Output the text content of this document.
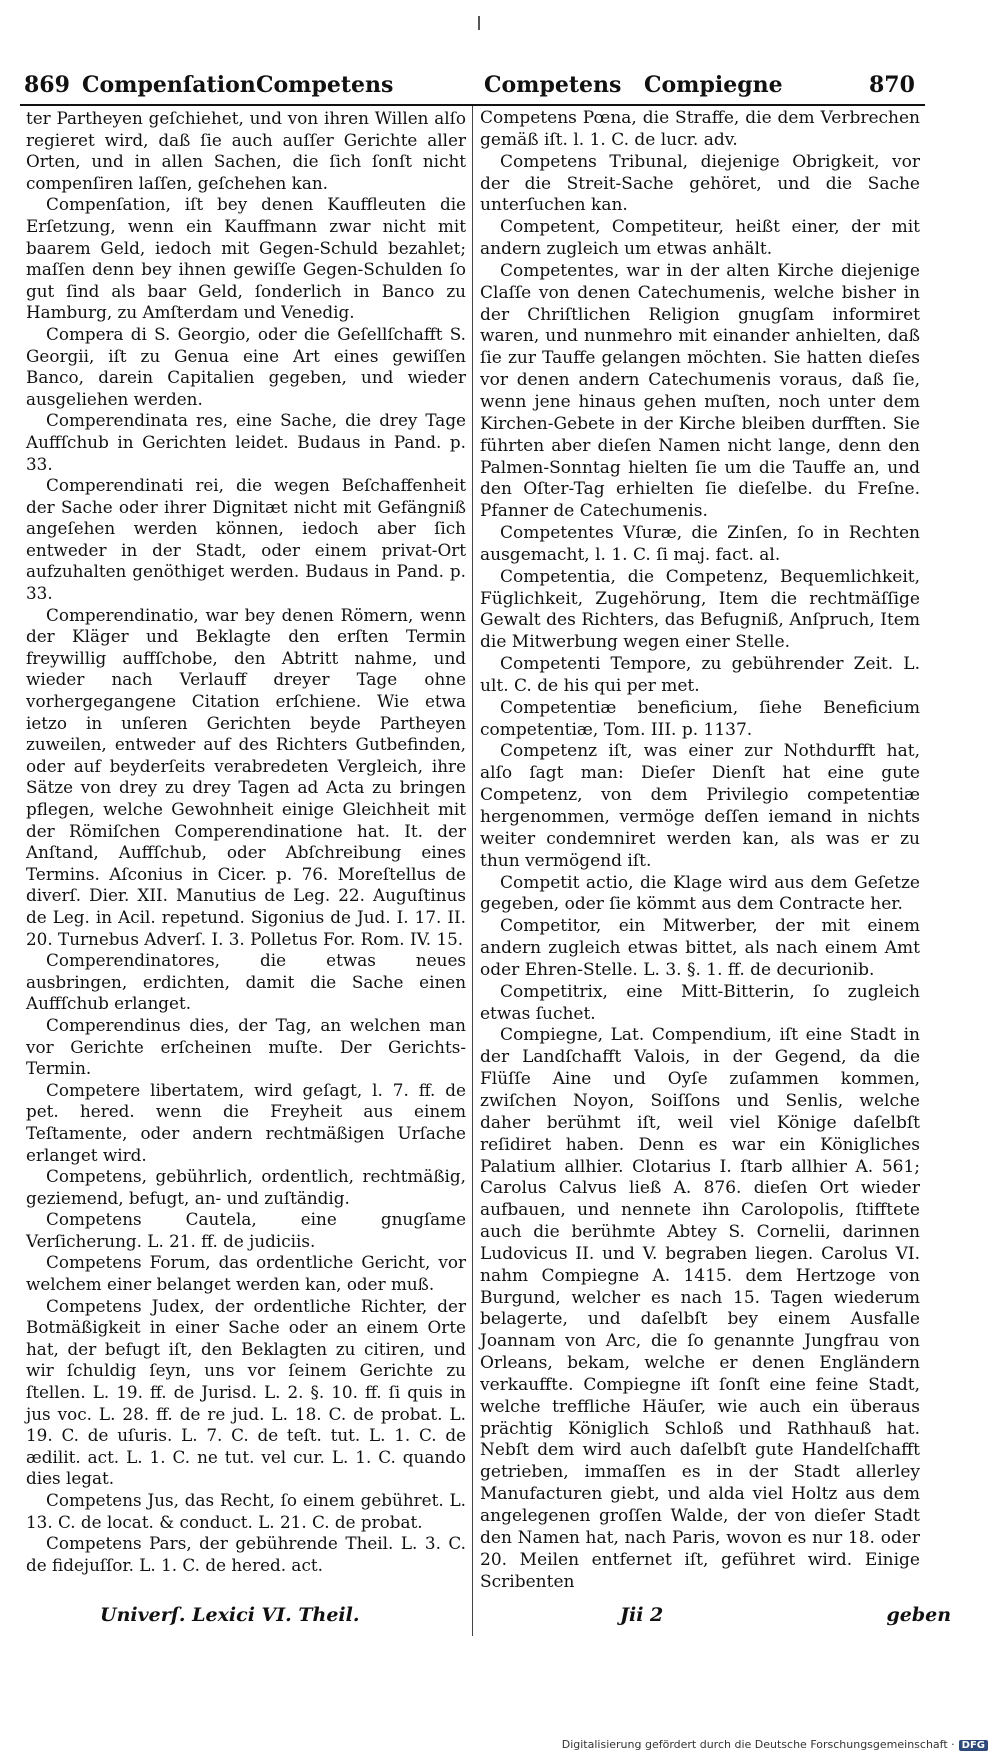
869 Compenſation Competens	Competens Compiegne	870

ter Partheyen geſchiehet, und von ihren Willen alſo regieret wird, daß ſie auch auſſer Gerichte aller Orten, und in allen Sachen, die ſich ſonſt nicht compenſiren laſſen, geſchehen kan.

Compenſation, iſt bey denen Kauffleuten die Erſetzung, wenn ein Kauffmann zwar nicht mit baarem Geld, iedoch mit Gegen-Schuld bezahlet; maſſen denn bey ihnen gewiſſe Gegen-Schulden ſo gut ſind als baar Geld, ſonderlich in Banco zu Hamburg, zu Amſterdam und Venedig.

Compera di S. Georgio, oder die Geſellſchafft S. Georgii, iſt zu Genua eine Art eines gewiſſen Banco, darein Capitalien gegeben, und wieder ausgeliehen werden.

Comperendinata res, eine Sache, die drey Tage Auffſchub in Gerichten leidet. Budaus in Pand. p. 33.

Comperendinati rei, die wegen Beſchaffenheit der Sache oder ihrer Dignitæt nicht mit Gefängniß angeſehen werden können, iedoch aber ſich entweder in der Stadt, oder einem privat-Ort aufzuhalten genöthiget werden. Budaus in Pand. p. 33.

Comperendinatio, war bey denen Römern, wenn der Kläger und Beklagte den erſten Termin freywillig auffſchobe, den Abtritt nahme, und wieder nach Verlauff dreyer Tage ohne vorhergegangene Citation erſchiene. Wie etwa ietzo in unſeren Gerichten beyde Partheyen zuweilen, entweder auf des Richters Gutbefinden, oder auf beyderſeits verabredeten Vergleich, ihre Sätze von drey zu drey Tagen ad Acta zu bringen pflegen, welche Gewohnheit einige Gleichheit mit der Römiſchen Comperendinatione hat. It. der Anſtand, Auffſchub, oder Abſchreibung eines Termins. Aſconius in Cicer. p. 76. Moreſtellus de diverſ. Dier. XII. Manutius de Leg. 22. Auguſtinus de Leg. in Acil. repetund. Sigonius de Jud. I. 17. II. 20. Turnebus Adverſ. I. 3. Polletus For. Rom. IV. 15.

Comperendinatores, die etwas neues ausbringen, erdichten, damit die Sache einen Auffſchub erlanget.

Comperendinus dies, der Tag, an welchen man vor Gerichte erſcheinen muſte. Der Gerichts-Termin.

Competere libertatem, wird geſagt, l. 7. ff. de pet. hered. wenn die Freyheit aus einem Teſtamente, oder andern rechtmäßigen Urſache erlanget wird.

Competens, gebührlich, ordentlich, rechtmäßig, geziemend, befugt, an- und zuſtändig.

Competens Cautela, eine gnugſame Verſicherung. L. 21. ff. de judiciis.

Competens Forum, das ordentliche Gericht, vor welchem einer belanget werden kan, oder muß.

Competens Judex, der ordentliche Richter, der Botmäßigkeit in einer Sache oder an einem Orte hat, der befugt iſt, den Beklagten zu citiren, und wir ſchuldig ſeyn, uns vor ſeinem Gerichte zu ſtellen. L. 19. ff. de Jurisd. L. 2. §. 10. ff. ſi quis in jus voc. L. 28. ff. de re jud. L. 18. C. de probat. L. 19. C. de uſuris. L. 7. C. de teſt. tut. L. 1. C. de ædilit. act. L. 1. C. ne tut. vel cur. L. 1. C. quando dies legat.

Competens Jus, das Recht, ſo einem gebühret. L. 13. C. de locat. & conduct. L. 21. C. de probat.

Competens Pars, der gebührende Theil. L. 3. C. de fidejuſſor. L. 1. C. de hered. act.

Competens Pœna, die Straffe, die dem Verbrechen gemäß iſt. l. 1. C. de lucr. adv.

Competens Tribunal, diejenige Obrigkeit, vor der die Streit-Sache gehöret, und die Sache unterſuchen kan.

Competent, Competiteur, heißt einer, der mit andern zugleich um etwas anhält.

Competentes, war in der alten Kirche diejenige Claſſe von denen Catechumenis, welche bisher in der Chriſtlichen Religion gnugſam informiret waren, und nunmehro mit einander anhielten, daß ſie zur Tauffe gelangen möchten. Sie hatten dieſes vor denen andern Catechumenis voraus, daß ſie, wenn jene hinaus gehen muſten, noch unter dem Kirchen-Gebete in der Kirche bleiben durfften. Sie führten aber dieſen Namen nicht lange, denn den Palmen-Sonntag hielten ſie um die Tauffe an, und den Oſter-Tag erhielten ſie dieſelbe. du Freſne. Pfanner de Catechumenis.

Competentes Vſuræ, die Zinſen, ſo in Rechten ausgemacht, l. 1. C. ſi maj. fact. al.

Competentia, die Competenz, Bequemlichkeit, Füglichkeit, Zugehörung, Item die rechtmäſſige Gewalt des Richters, das Befugniß, Anſpruch, Item die Mitwerbung wegen einer Stelle.

Competenti Tempore, zu gebührender Zeit. L. ult. C. de his qui per met.

Competentiæ beneficium, ſiehe Beneficium competentiæ, Tom. III. p. 1137.

Competenz iſt, was einer zur Nothdurfft hat, alſo ſagt man: Dieſer Dienſt hat eine gute Competenz, von dem Privilegio competentiæ hergenommen, vermöge deſſen iemand in nichts weiter condemniret werden kan, als was er zu thun vermögend iſt.

Competit actio, die Klage wird aus dem Geſetze gegeben, oder ſie kömmt aus dem Contracte her.

Competitor, ein Mitwerber, der mit einem andern zugleich etwas bittet, als nach einem Amt oder Ehren-Stelle. L. 3. §. 1. ff. de decurionib.

Competitrix, eine Mitt-Bitterin, ſo zugleich etwas ſuchet.

Compiegne, Lat. Compendium, iſt eine Stadt in der Landſchafft Valois, in der Gegend, da die Flüſſe Aine und Oyſe zuſammen kommen, zwiſchen Noyon, Soiſſons und Senlis, welche daher berühmt iſt, weil viel Könige daſelbſt reſidiret haben. Denn es war ein Königliches Palatium allhier. Clotarius I. ſtarb allhier A. 561; Carolus Calvus ließ A. 876. dieſen Ort wieder aufbauen, und nennete ihn Carolopolis, ſtifftete auch die berühmte Abtey S. Cornelii, darinnen Ludovicus II. und V. begraben liegen. Carolus VI. nahm Compiegne A. 1415. dem Hertzoge von Burgund, welcher es nach 15. Tagen wiederum belagerte, und daſelbſt bey einem Ausfalle Joannam von Arc, die ſo genannte Jungfrau von Orleans, bekam, welche er denen Engländern verkauffte. Compiegne iſt ſonſt eine feine Stadt, welche treffliche Häuſer, wie auch ein überaus prächtig Königlich Schloß und Rathhauß hat. Nebſt dem wird auch daſelbſt gute Handelſchafft getrieben, immaſſen es in der Stadt allerley Manufacturen giebt, und alda viel Holtz aus dem angelegenen groſſen Walde, der von dieſer Stadt den Namen hat, nach Paris, wovon es nur 18. oder 20. Meilen entfernet iſt, geführet wird. Einige Scribenten

Univerſ. Lexici VI. Theil.	Jii 2	geben
Digitalisierung gefördert durch die Deutsche Forschungsgemeinschaft · DFG
